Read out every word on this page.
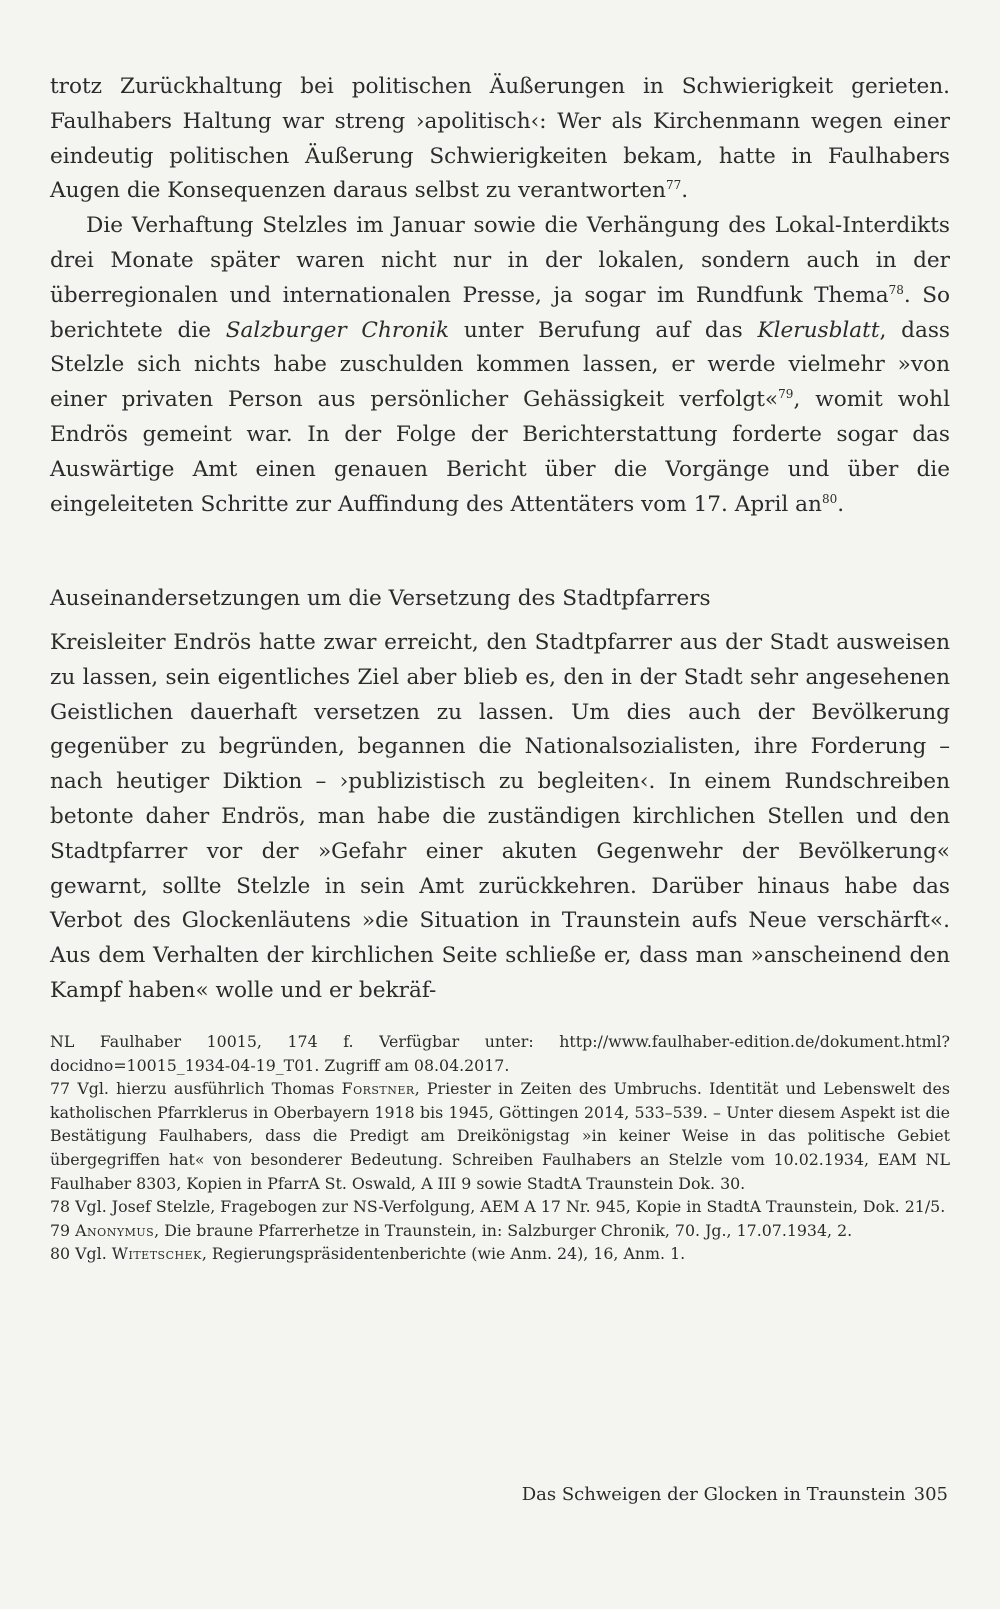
trotz Zurückhaltung bei politischen Äußerungen in Schwierigkeit gerieten. Faulhabers Haltung war streng ›apolitisch‹: Wer als Kirchenmann wegen einer eindeutig politischen Äußerung Schwierigkeiten bekam, hatte in Faulhabers Augen die Konsequenzen daraus selbst zu verantworten$^{77}$.

Die Verhaftung Stelzles im Januar sowie die Verhängung des Lokal-Interdikts drei Monate später waren nicht nur in der lokalen, sondern auch in der überregionalen und internationalen Presse, ja sogar im Rundfunk Thema$^{78}$. So berichtete die Salzburger Chronik unter Berufung auf das Klerusblatt, dass Stelzle sich nichts habe zuschulden kommen lassen, er werde vielmehr »von einer privaten Person aus persönlicher Gehässigkeit verfolgt«$^{79}$, womit wohl Endrös gemeint war. In der Folge der Berichterstattung forderte sogar das Auswärtige Amt einen genauen Bericht über die Vorgänge und über die eingeleiteten Schritte zur Auffindung des Attentäters vom 17. April $an^{80}$.

Auseinandersetzungen um die Versetzung des Stadtpfarrers

Kreisleiter Endrös hatte zwar erreicht, den Stadtpfarrer aus der Stadt ausweisen zu lassen, sein eigentliches Ziel aber blieb es, den in der Stadt sehr angesehenen Geistlichen dauerhaft versetzen zu lassen. Um dies auch der Bevölkerung gegenüber zu begründen, begannen die Nationalsozialisten, ihre Forderung – nach heutiger Diktion – ›publizistisch zu begleiten‹. In einem Rundschreiben betonte daher Endrös, man habe die zuständigen kirchlichen Stellen und den Stadtpfarrer vor der »Gefahr einer akuten Gegenwehr der Bevölkerung« gewarnt, sollte Stelzle in sein Amt zurückkehren. Darüber hinaus habe das Verbot des Glockenläutens »die Situation in Traunstein aufs Neue verschärft«. Aus dem Verhalten der kirchlichen Seite schließe er, dass man »anscheinend den Kampf haben« wolle und er bekräf-

NL Faulhaber 10015, 174 f. Verfügbar unter: http://www.faulhaber-edition.de/dokument.html?docidno=10015_1934-04-19_T01. Zugriff am 08.04.2017.

77 Vgl. hierzu ausführlich Thomas Forstner, Priester in Zeiten des Umbruchs. Identität und Lebenswelt des katholischen Pfarrklerus in Oberbayern 1918 bis 1945, Göttingen 2014, 533–539. – Unter diesem Aspekt ist die Bestätigung Faulhabers, dass die Predigt am Dreikönigstag »in keiner Weise in das politische Gebiet übergegriffen hat« von besonderer Bedeutung. Schreiben Faulhabers an Stelzle vom 10.02.1934, EAM NL Faulhaber 8303, Kopien in PfarrA St. Oswald, A III 9 sowie StadtA Traunstein Dok. 30.

78 Vgl. Josef Stelzle, Fragebogen zur NS-Verfolgung, AEM A 17 Nr. 945, Kopie in StadtA Traunstein, Dok. 21/5.

79 Anonymus, Die braune Pfarrerhetze in Traunstein, in: Salzburger Chronik, 70. Jg., 17.07.1934, 2.

80 Vgl. Witetschek, Regierungspräsidentenberichte (wie Anm. 24), 16, Anm. 1.

Das Schweigen der Glocken in Traunstein 305
